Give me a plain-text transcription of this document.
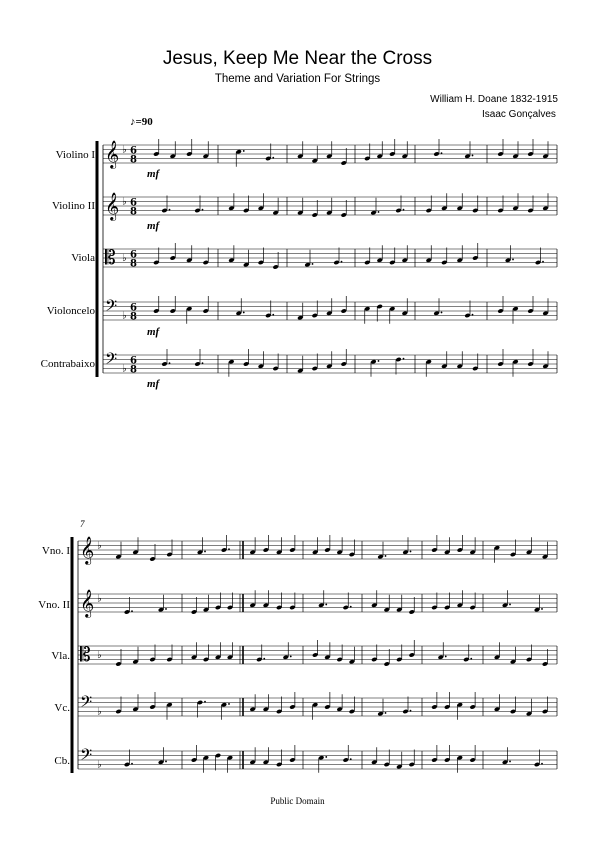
Jesus, Keep Me Near the Cross
Theme and Variation For Strings
William H. Doane 1832-1915
Isaac Gonçalves
♪=90
Violino I
Violino II
Viola
Violoncelo
Contrabaixo
mf
mf
mf
mf
7
Vno. I
Vno. II
Vla.
Vc.
Cb.
𝄞 ♭ 6
8
𝄞 ♭ 6
8
𝄡 ♭ 6
8
𝄢 ♭
6
8
𝄢 ♭
6
8
𝄞 ♭
𝄞 ♭
𝄡 ♭
𝄢 ♭
𝄢 ♭
Public Domain
